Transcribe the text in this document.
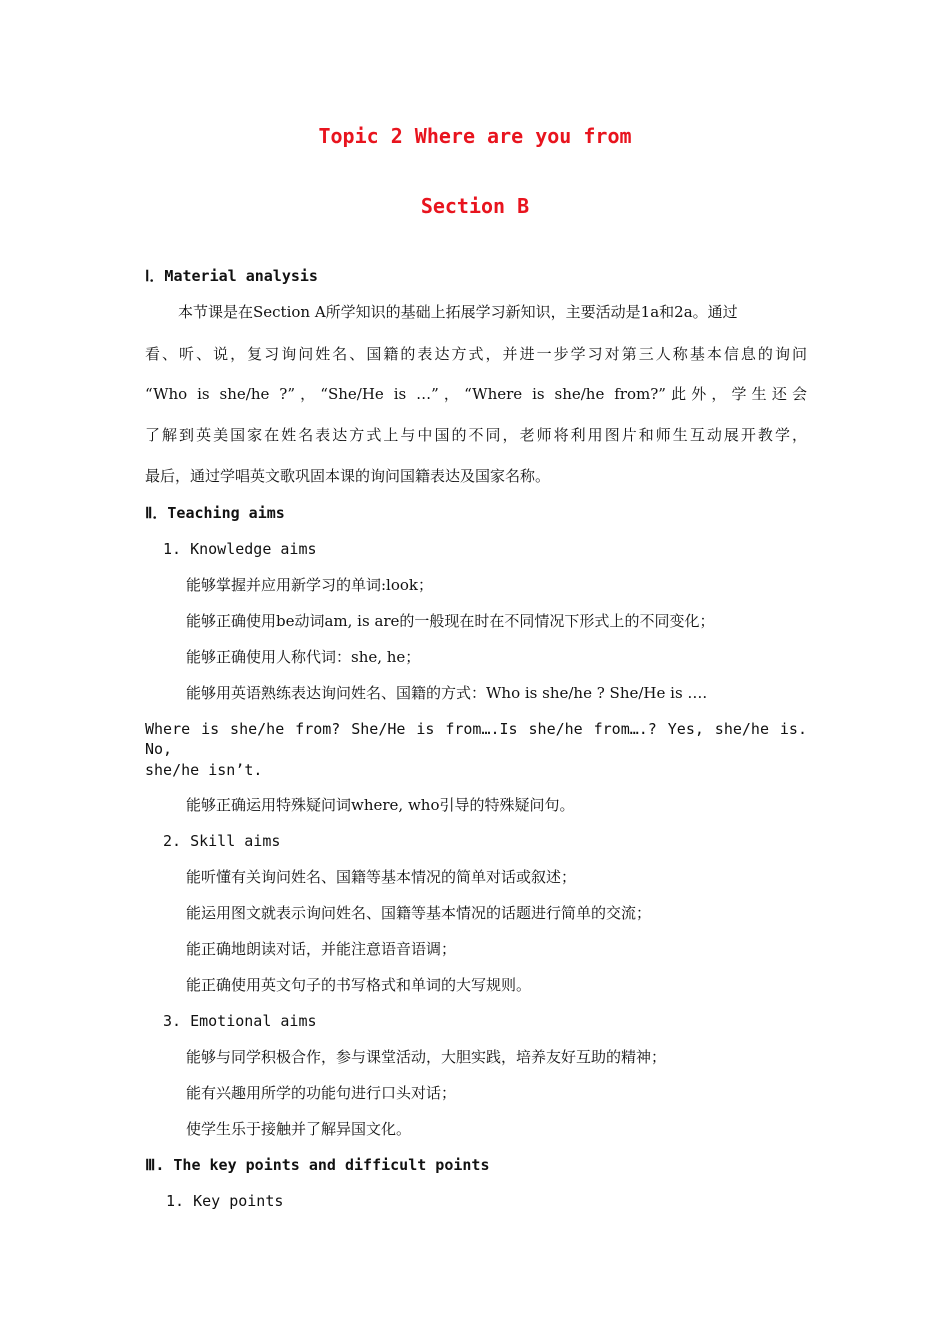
Topic 2 Where are you from
Section B

Ⅰ．Material analysis

本节课是在Section A所学知识的基础上拓展学习新知识，主要活动是1a和2a。通过

看、听、说，复习询问姓名、国籍的表达方式，并进一步学习对第三人称基本信息的询问

“Who is she/he ?”，“She/He is …”，“Where is she/he from?”此外，学生还会

了解到英美国家在姓名表达方式上与中国的不同，老师将利用图片和师生互动展开教学，

最后，通过学唱英文歌巩固本课的询问国籍表达及国家名称。

Ⅱ．Teaching aims

1. Knowledge aims

能够掌握并应用新学习的单词:look；

能够正确使用be动词am, is are的一般现在时在不同情况下形式上的不同变化；

能够正确使用人称代词：she, he；

能够用英语熟练表达询问姓名、国籍的方式：Who is she/he ? She/He is ….

Where is she/he from? She/He is from….Is she/he from….? Yes, she/he is. No,

she/he isn’t.

能够正确运用特殊疑问词where, who引导的特殊疑问句。

2. Skill aims

能听懂有关询问姓名、国籍等基本情况的简单对话或叙述；

能运用图文就表示询问姓名、国籍等基本情况的话题进行简单的交流；

能正确地朗读对话，并能注意语音语调；

能正确使用英文句子的书写格式和单词的大写规则。

3. Emotional aims

能够与同学积极合作，参与课堂活动，大胆实践，培养友好互助的精神；

能有兴趣用所学的功能句进行口头对话；

使学生乐于接触并了解异国文化。

Ⅲ. The key points and difficult points

1. Key points
